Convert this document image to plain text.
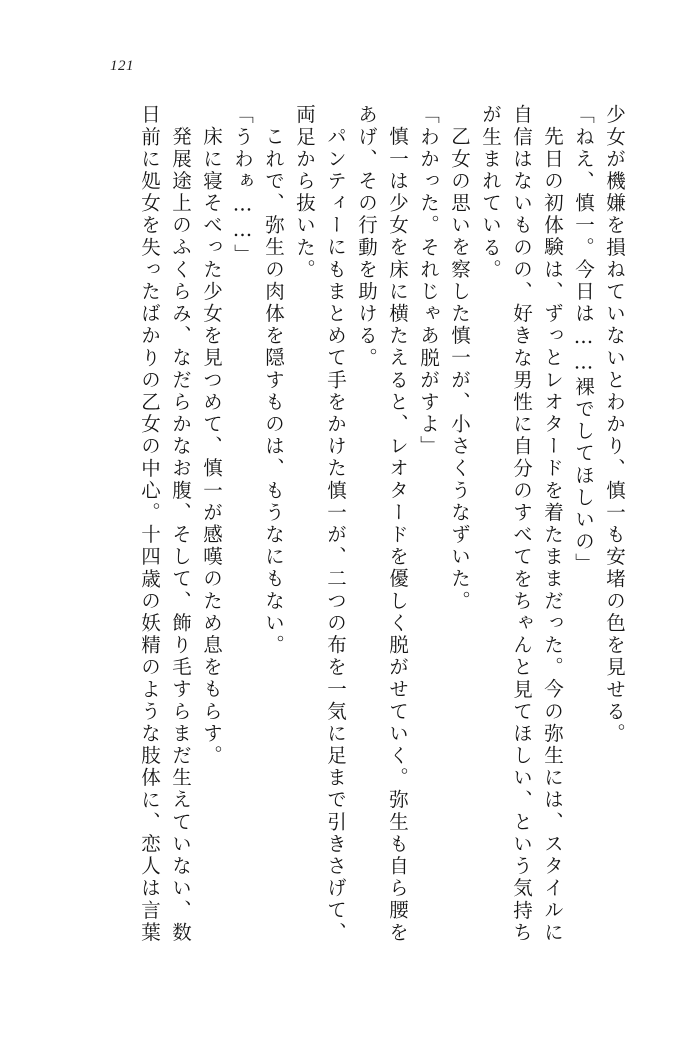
121
少女が機嫌を損ねていないとわかり、慎一も安堵の色を見せる。
「ねえ、慎一。今日は……裸でしてほしいの」
先日の初体験は、ずっとレオタードを着たままだった。今の弥生には、スタイルに
自信はないものの、好きな男性に自分のすべてをちゃんと見てほしい、という気持ち
が生まれている。
乙女の思いを察した慎一が、小さくうなずいた。
「わかった。それじゃあ脱がすよ」
慎一は少女を床に横たえると、レオタードを優しく脱がせていく。弥生も自ら腰を
あげ、その行動を助ける。
パンティーにもまとめて手をかけた慎一が、二つの布を一気に足まで引きさげて、
両足から抜いた。
これで、弥生の肉体を隠すものは、もうなにもない。
「うわぁ……」
床に寝そべった少女を見つめて、慎一が感嘆のため息をもらす。
発展途上のふくらみ、なだらかなお腹、そして、飾り毛すらまだ生えていない、数
日前に処女を失ったばかりの乙女の中心。十四歳の妖精のような肢体に、恋人は言葉
